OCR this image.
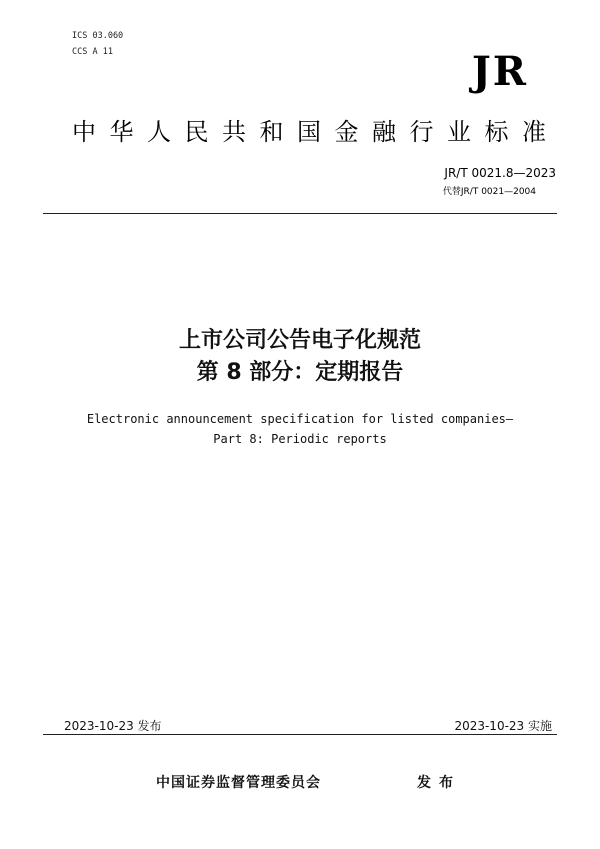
ICS 03.060
CCS A 11	JR
中华人民共和国金融行业标准
JR/T 0021.8—2023
代替JR/T 0021—2004
上市公司公告电子化规范
第 8 部分：定期报告
Electronic announcement specification for listed companies—
Part 8: Periodic reports
2023-10-23 发布	2023-10-23 实施
中国证券监督管理委员会	发布
